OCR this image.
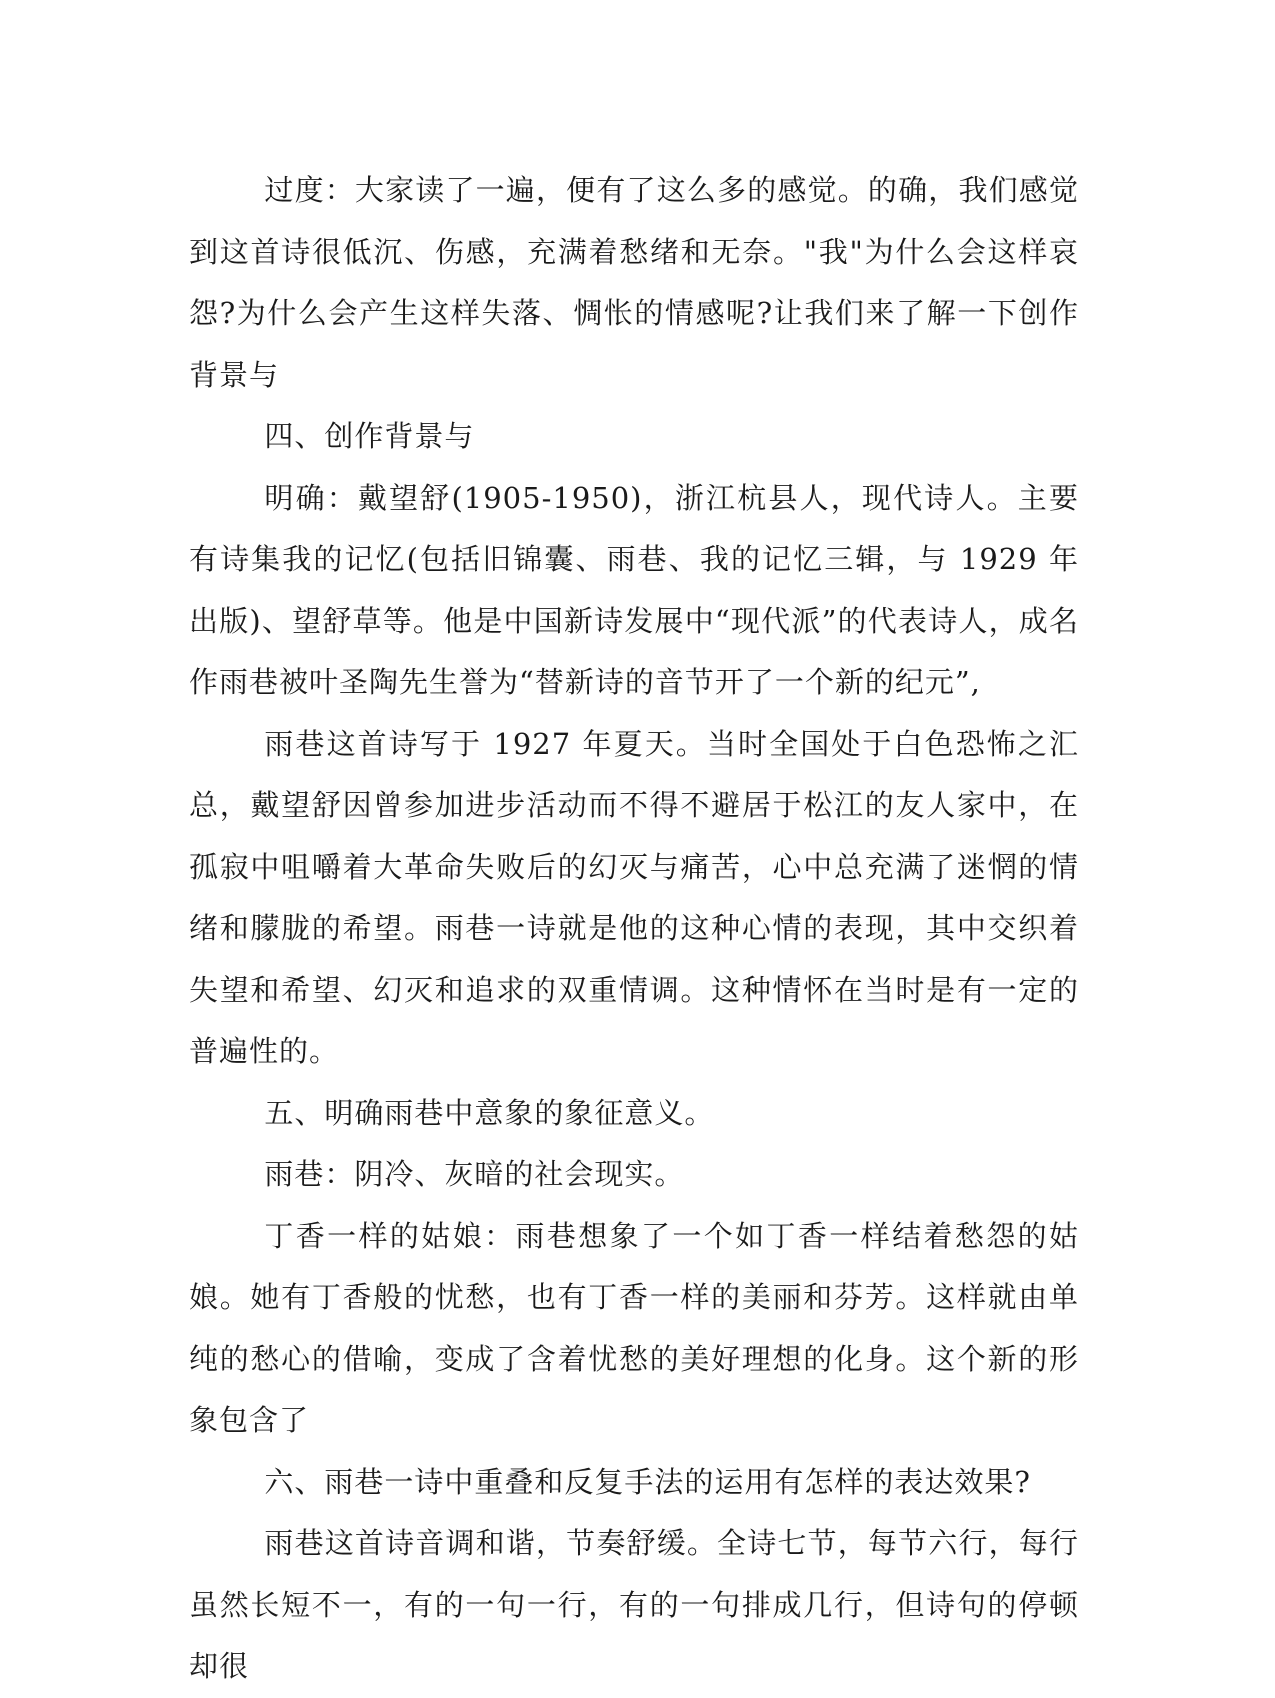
过度：大家读了一遍，便有了这么多的感觉。的确，我们感觉到这首诗很低沉、伤感，充满着愁绪和无奈。"我"为什么会这样哀怨?为什么会产生这样失落、惆怅的情感呢?让我们来了解一下创作背景与

四、创作背景与

明确：戴望舒(1905-1950)，浙江杭县人，现代诗人。主要有诗集我的记忆(包括旧锦囊、雨巷、我的记忆三辑，与 1929 年出版)、望舒草等。他是中国新诗发展中“现代派”的代表诗人，成名作雨巷被叶圣陶先生誉为“替新诗的音节开了一个新的纪元”,

雨巷这首诗写于 1927 年夏天。当时全国处于白色恐怖之汇总，戴望舒因曾参加进步活动而不得不避居于松江的友人家中，在孤寂中咀嚼着大革命失败后的幻灭与痛苦，心中总充满了迷惘的情绪和朦胧的希望。雨巷一诗就是他的这种心情的表现，其中交织着失望和希望、幻灭和追求的双重情调。这种情怀在当时是有一定的普遍性的。

五、明确雨巷中意象的象征意义。

雨巷：阴冷、灰暗的社会现实。

丁香一样的姑娘：雨巷想象了一个如丁香一样结着愁怨的姑娘。她有丁香般的忧愁，也有丁香一样的美丽和芬芳。这样就由单纯的愁心的借喻，变成了含着忧愁的美好理想的化身。这个新的形象包含了

六、雨巷一诗中重叠和反复手法的运用有怎样的表达效果?

雨巷这首诗音调和谐，节奏舒缓。全诗七节，每节六行，每行虽然长短不一，有的一句一行，有的一句排成几行，但诗句的停顿却很
